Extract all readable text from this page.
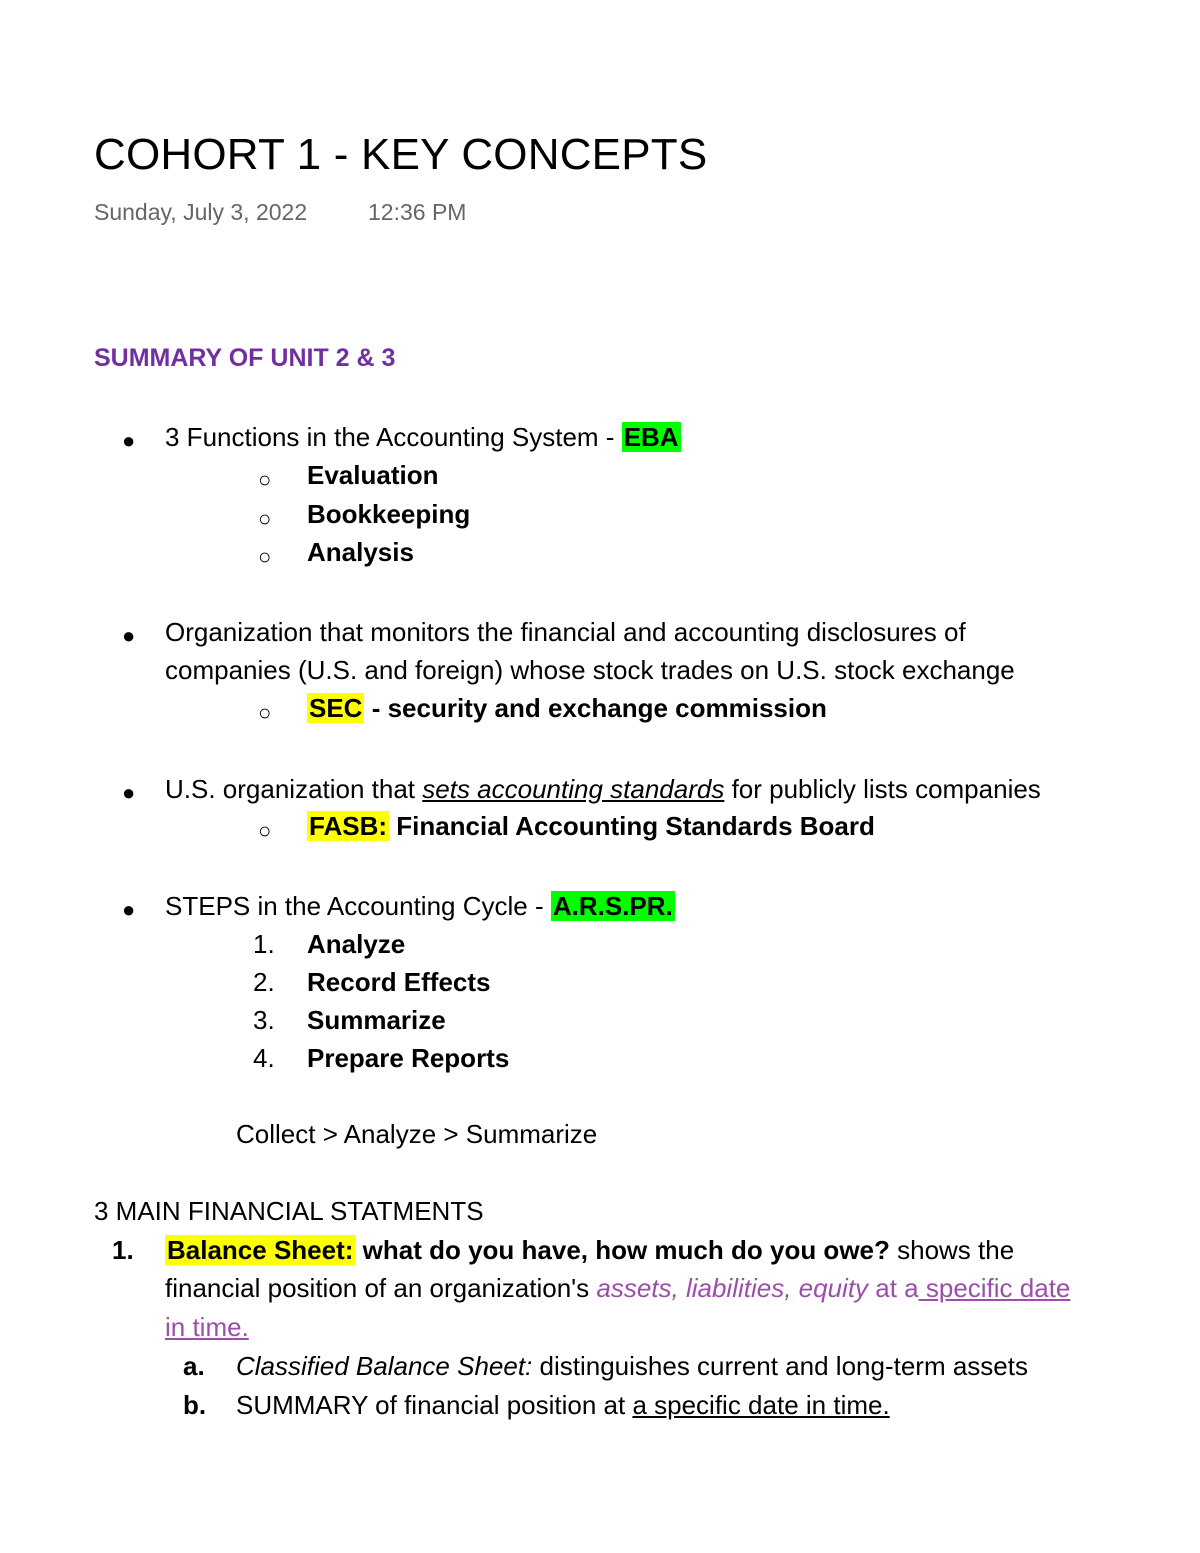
COHORT 1 - KEY CONCEPTS
Sunday, July 3, 2022	12:36 PM
SUMMARY OF UNIT 2 & 3
● 3 Functions in the Accounting System - EBA
○ Evaluation
○ Bookkeeping
○ Analysis
● Organization that monitors the financial and accounting disclosures of
companies (U.S. and foreign) whose stock trades on U.S. stock exchange
○ SEC - security and exchange commission
● U.S. organization that sets accounting standards for publicly lists companies
○ FASB: Financial Accounting Standards Board
● STEPS in the Accounting Cycle - A.R.S.PR.
1. Analyze
2. Record Effects
3. Summarize
4. Prepare Reports
Collect > Analyze > Summarize
3 MAIN FINANCIAL STATMENTS
1. Balance Sheet: what do you have, how much do you owe? shows the
financial position of an organization's assets, liabilities, equity at a specific date
in time.
a. Classified Balance Sheet: distinguishes current and long-term assets
b. SUMMARY of financial position at a specific date in time.
